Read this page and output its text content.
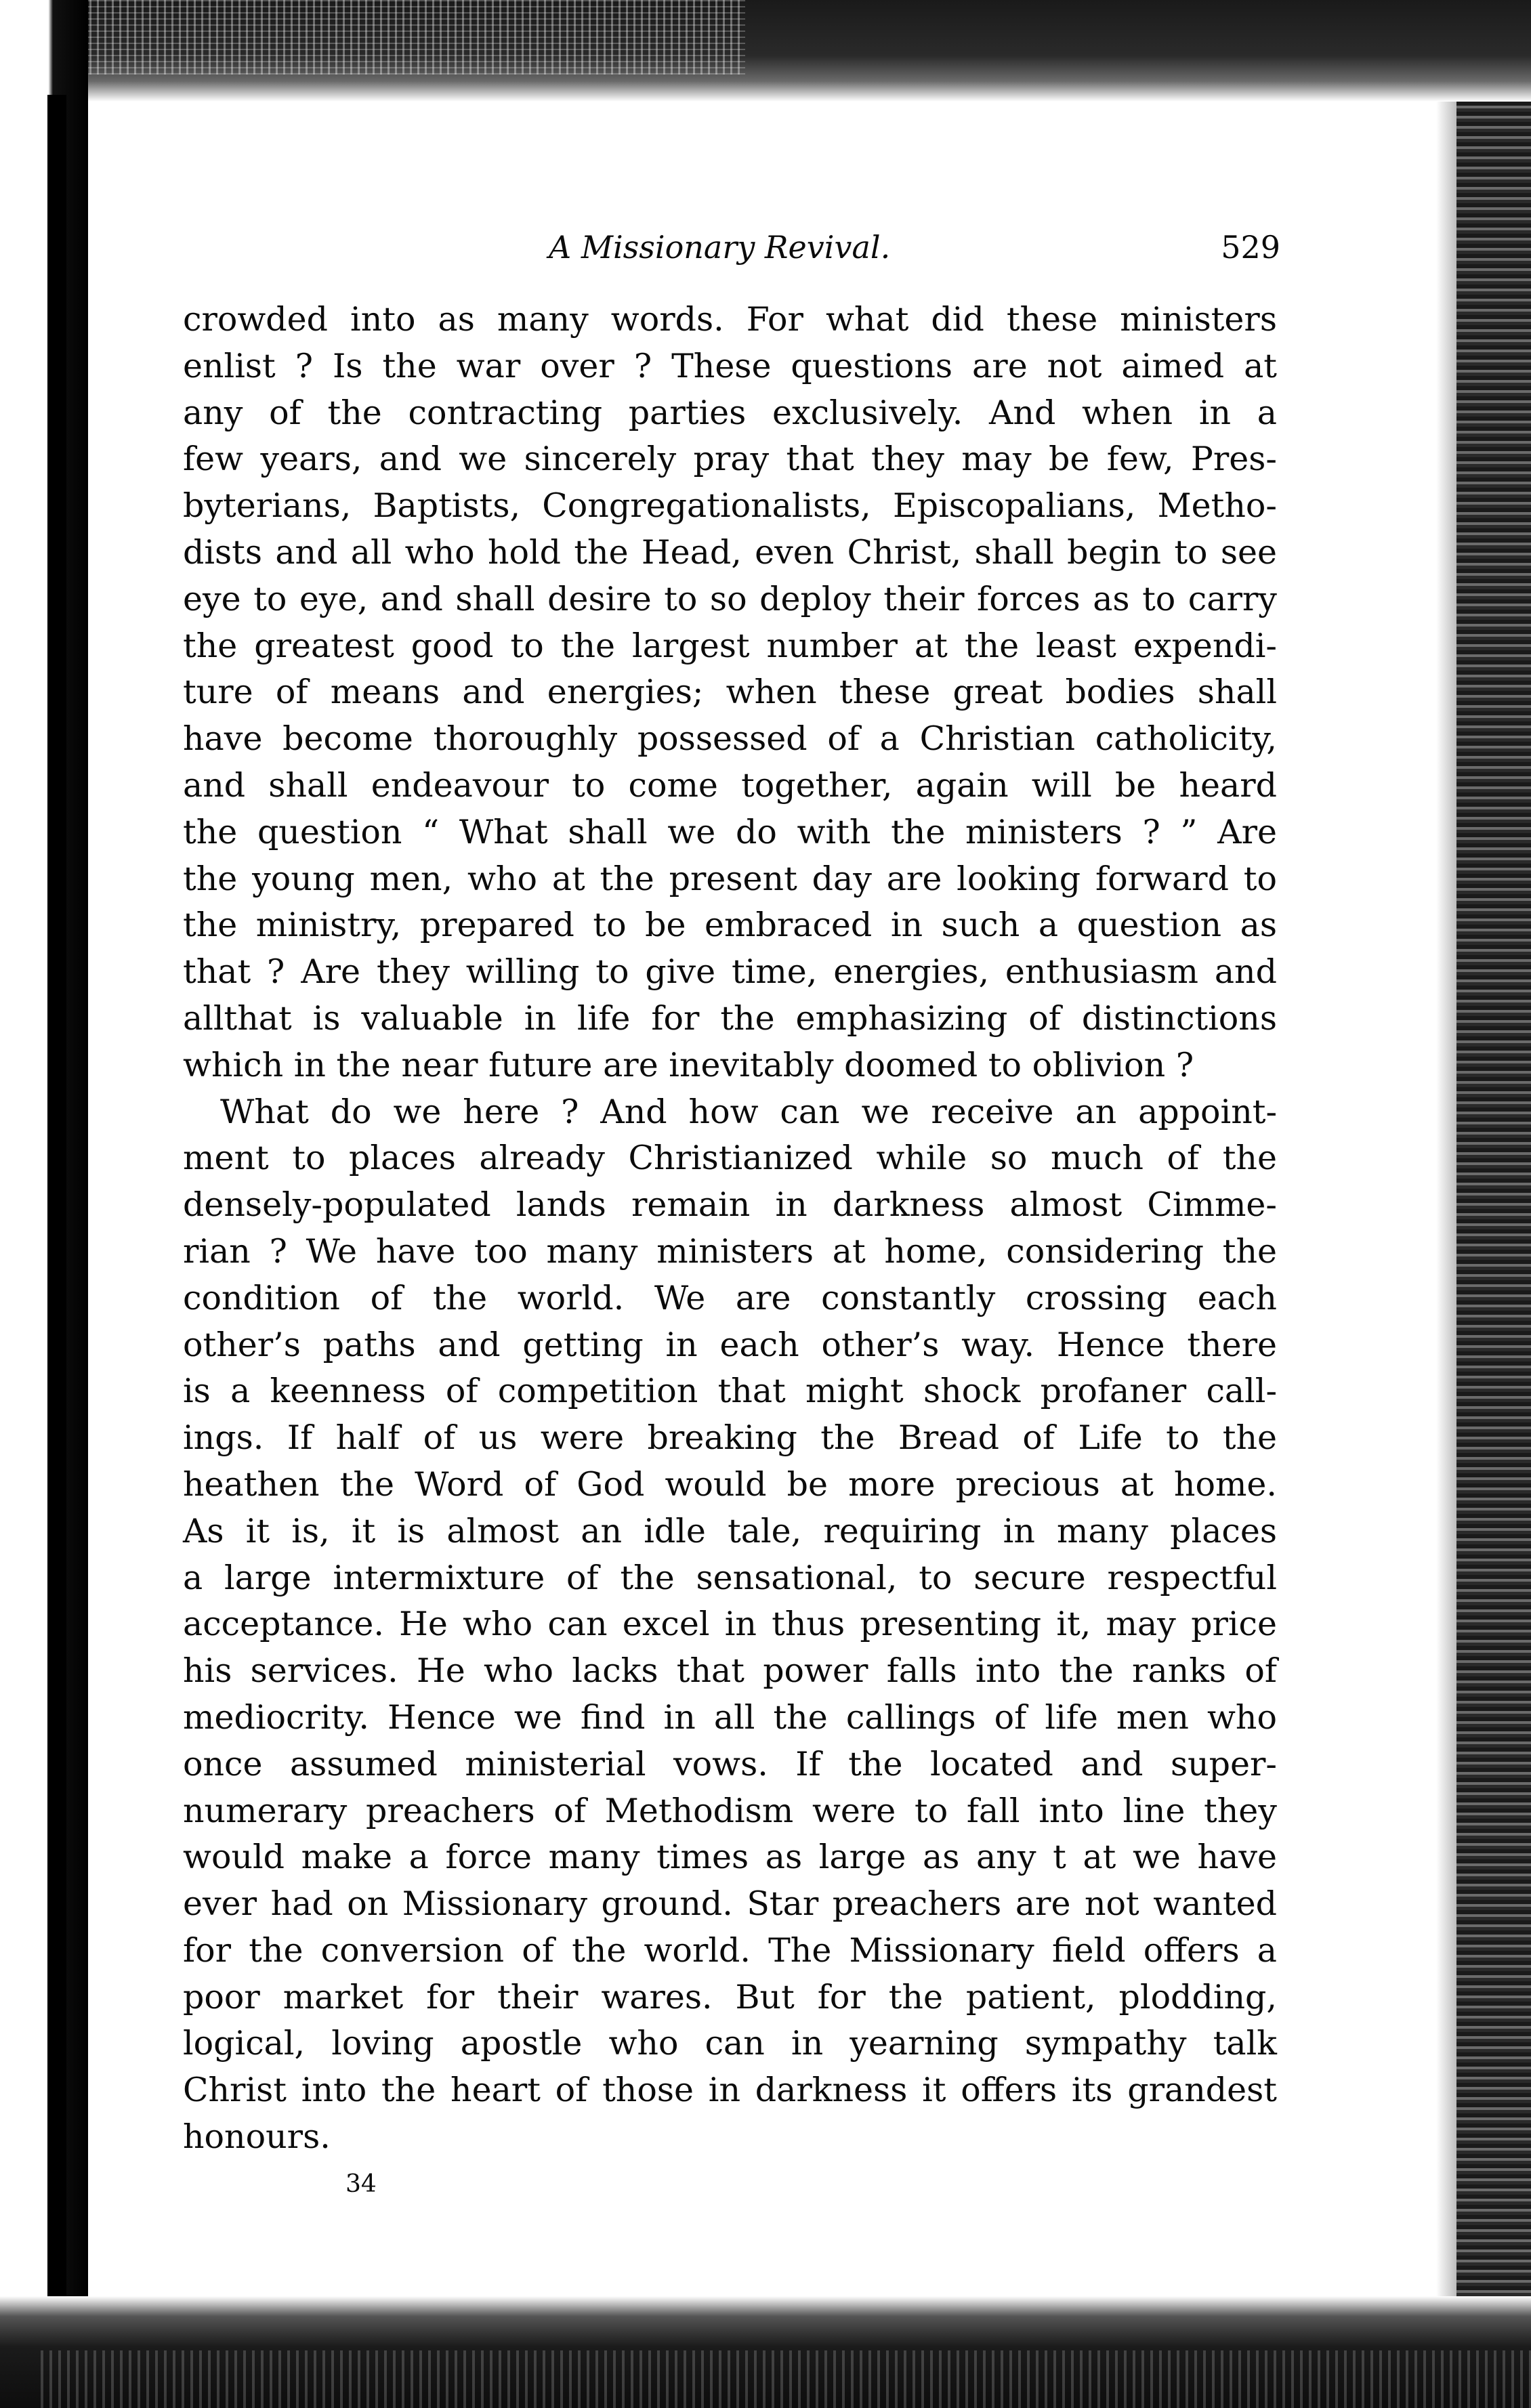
A Missionary Revival.	529
crowded into as many words. For what did these ministers
enlist ? Is the war over ? These questions are not aimed at
any of the contracting parties exclusively. And when in a
few years, and we sincerely pray that they may be few, Pres-
byterians, Baptists, Congregationalists, Episcopalians, Metho-
dists and all who hold the Head, even Christ, shall begin to see
eye to eye, and shall desire to so deploy their forces as to carry
the greatest good to the largest number at the least expendi-
ture of means and energies; when these great bodies shall
have become thoroughly possessed of a Christian catholicity,
and shall endeavour to come together, again will be heard
the question “ What shall we do with the ministers ? ” Are
the young men, who at the present day are looking forward to
the ministry, prepared to be embraced in such a question as
that ? Are they willing to give time, energies, enthusiasm and
allthat is valuable in life for the emphasizing of distinctions
which in the near future are inevitably doomed to oblivion ?
What do we here ? And how can we receive an appoint-
ment to places already Christianized while so much of the
densely-populated lands remain in darkness almost Cimme-
rian ? We have too many ministers at home, considering the
condition of the world. We are constantly crossing each
other’s paths and getting in each other’s way. Hence there
is a keenness of competition that might shock profaner call-
ings. If half of us were breaking the Bread of Life to the
heathen the Word of God would be more precious at home.
As it is, it is almost an idle tale, requiring in many places
a large intermixture of the sensational, to secure respectful
acceptance. He who can excel in thus presenting it, may price
his services. He who lacks that power falls into the ranks of
mediocrity. Hence we find in all the callings of life men who
once assumed ministerial vows. If the located and super-
numerary preachers of Methodism were to fall into line they
would make a force many times as large as any t at we have
ever had on Missionary ground. Star preachers are not wanted
for the conversion of the world. The Missionary field offers a
poor market for their wares. But for the patient, plodding,
logical, loving apostle who can in yearning sympathy talk
Christ into the heart of those in darkness it offers its grandest
honours.
34
